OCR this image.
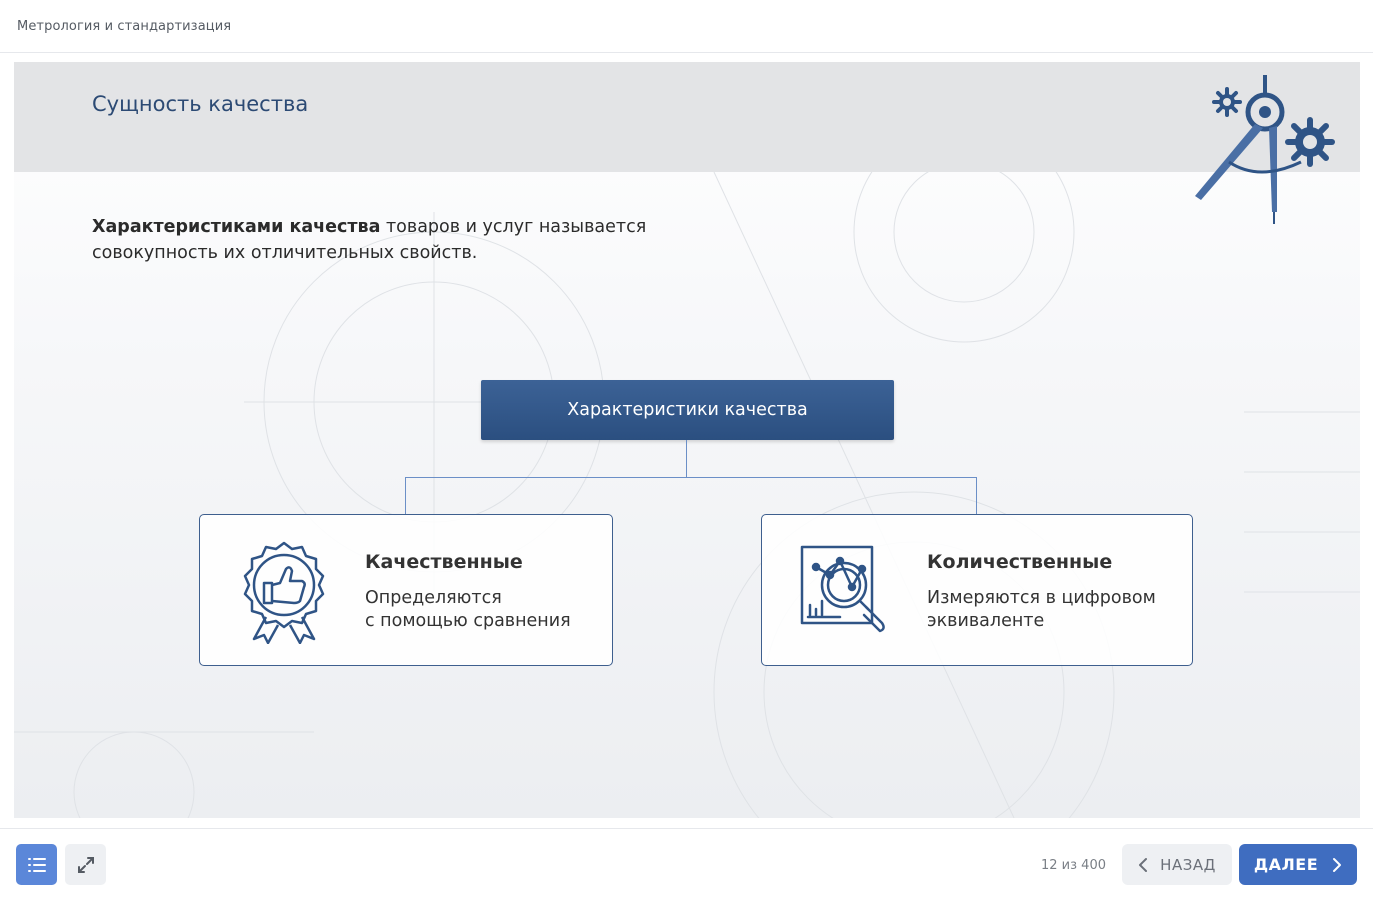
Метрология и стандартизация
Сущность качества

Характеристиками качества товаров и услуг называется совокупность их отличительных свойств.

Характеристики качества
Качественные
Определяются
с помощью сравнения
Количественные
Измеряются в цифровом
эквиваленте
12 из 400	НАЗАД ДАЛЕЕ
